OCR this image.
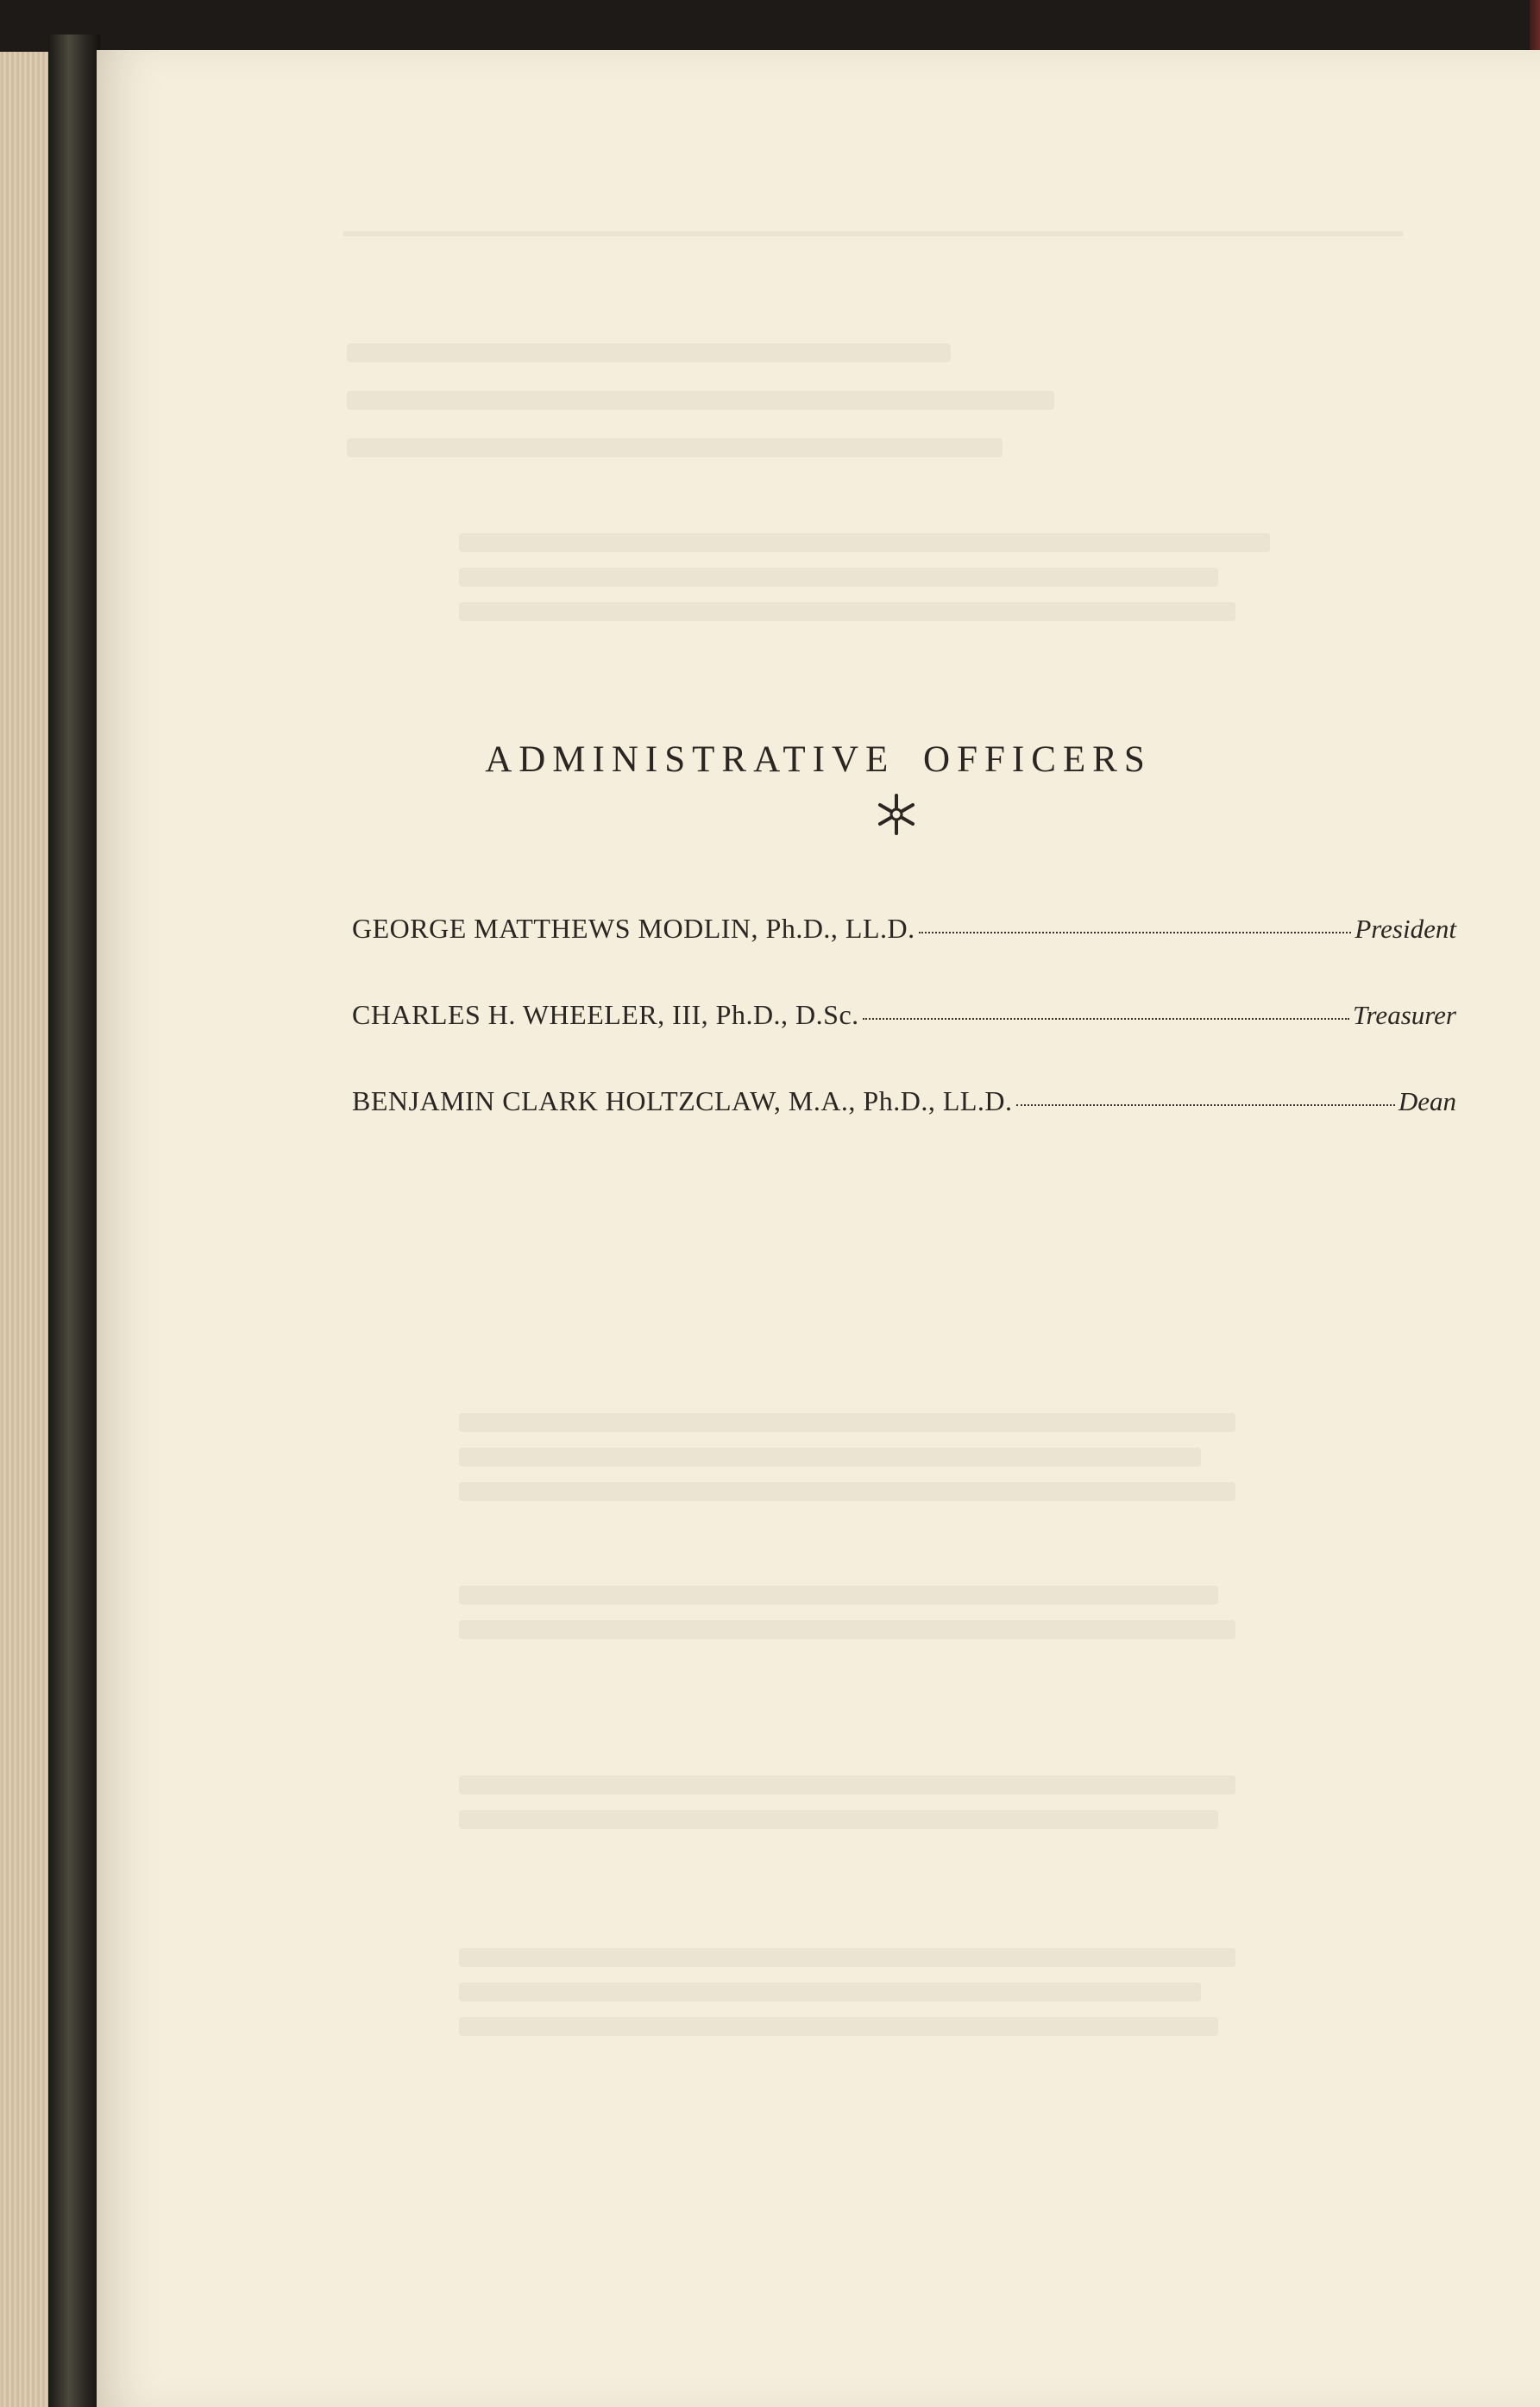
ADMINISTRATIVE OFFICERS
GEORGE MATTHEWS MODLIN, Ph.D., LL.D.	President
CHARLES H. WHEELER, III, Ph.D., D.Sc.	Treasurer
BENJAMIN CLARK HOLTZCLAW, M.A., Ph.D., LL.D.	Dean
